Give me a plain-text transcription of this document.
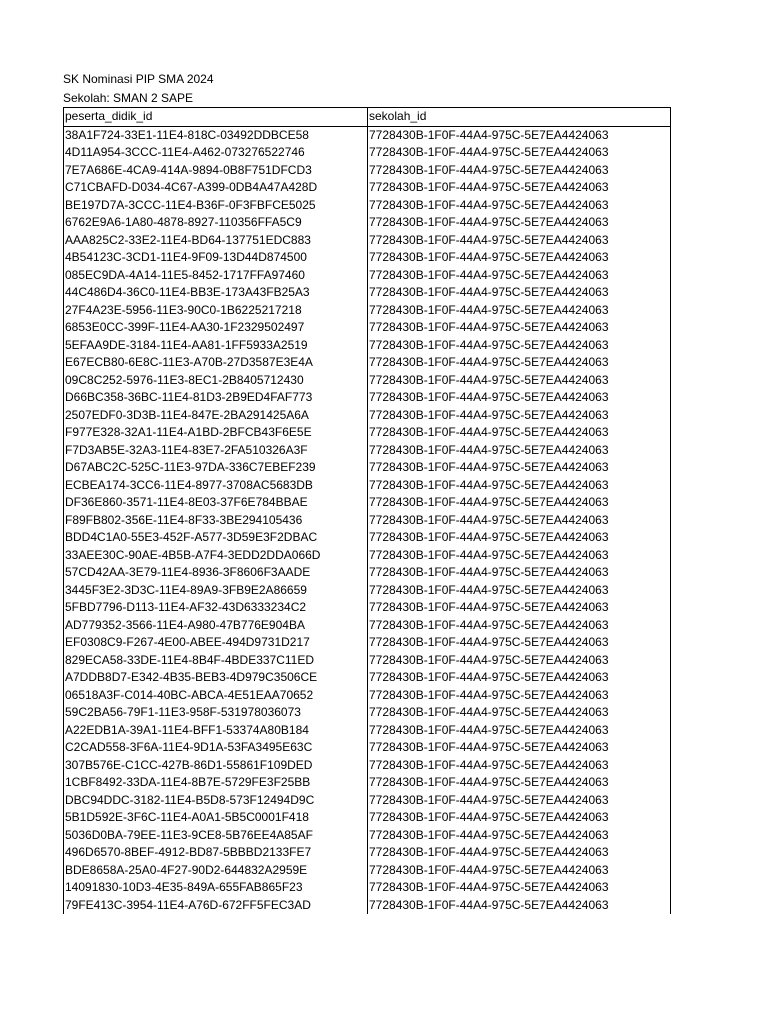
SK Nominasi PIP SMA 2024
Sekolah: SMAN 2 SAPE
peserta_didik_id	sekolah_id
38A1F724-33E1-11E4-818C-03492DDBCE58	7728430B-1F0F-44A4-975C-5E7EA4424063
4D11A954-3CCC-11E4-A462-073276522746	7728430B-1F0F-44A4-975C-5E7EA4424063
7E7A686E-4CA9-414A-9894-0B8F751DFCD3	7728430B-1F0F-44A4-975C-5E7EA4424063
C71CBAFD-D034-4C67-A399-0DB4A47A428D	7728430B-1F0F-44A4-975C-5E7EA4424063
BE197D7A-3CCC-11E4-B36F-0F3FBFCE5025	7728430B-1F0F-44A4-975C-5E7EA4424063
6762E9A6-1A80-4878-8927-110356FFA5C9	7728430B-1F0F-44A4-975C-5E7EA4424063
AAA825C2-33E2-11E4-BD64-137751EDC883	7728430B-1F0F-44A4-975C-5E7EA4424063
4B54123C-3CD1-11E4-9F09-13D44D874500	7728430B-1F0F-44A4-975C-5E7EA4424063
085EC9DA-4A14-11E5-8452-1717FFA97460	7728430B-1F0F-44A4-975C-5E7EA4424063
44C486D4-36C0-11E4-BB3E-173A43FB25A3	7728430B-1F0F-44A4-975C-5E7EA4424063
27F4A23E-5956-11E3-90C0-1B6225217218	7728430B-1F0F-44A4-975C-5E7EA4424063
6853E0CC-399F-11E4-AA30-1F2329502497	7728430B-1F0F-44A4-975C-5E7EA4424063
5EFAA9DE-3184-11E4-AA81-1FF5933A2519	7728430B-1F0F-44A4-975C-5E7EA4424063
E67ECB80-6E8C-11E3-A70B-27D3587E3E4A	7728430B-1F0F-44A4-975C-5E7EA4424063
09C8C252-5976-11E3-8EC1-2B8405712430	7728430B-1F0F-44A4-975C-5E7EA4424063
D66BC358-36BC-11E4-81D3-2B9ED4FAF773	7728430B-1F0F-44A4-975C-5E7EA4424063
2507EDF0-3D3B-11E4-847E-2BA291425A6A	7728430B-1F0F-44A4-975C-5E7EA4424063
F977E328-32A1-11E4-A1BD-2BFCB43F6E5E	7728430B-1F0F-44A4-975C-5E7EA4424063
F7D3AB5E-32A3-11E4-83E7-2FA510326A3F	7728430B-1F0F-44A4-975C-5E7EA4424063
D67ABC2C-525C-11E3-97DA-336C7EBEF239	7728430B-1F0F-44A4-975C-5E7EA4424063
ECBEA174-3CC6-11E4-8977-3708AC5683DB	7728430B-1F0F-44A4-975C-5E7EA4424063
DF36E860-3571-11E4-8E03-37F6E784BBAE	7728430B-1F0F-44A4-975C-5E7EA4424063
F89FB802-356E-11E4-8F33-3BE294105436	7728430B-1F0F-44A4-975C-5E7EA4424063
BDD4C1A0-55E3-452F-A577-3D59E3F2DBAC	7728430B-1F0F-44A4-975C-5E7EA4424063
33AEE30C-90AE-4B5B-A7F4-3EDD2DDA066D	7728430B-1F0F-44A4-975C-5E7EA4424063
57CD42AA-3E79-11E4-8936-3F8606F3AADE	7728430B-1F0F-44A4-975C-5E7EA4424063
3445F3E2-3D3C-11E4-89A9-3FB9E2A86659	7728430B-1F0F-44A4-975C-5E7EA4424063
5FBD7796-D113-11E4-AF32-43D6333234C2	7728430B-1F0F-44A4-975C-5E7EA4424063
AD779352-3566-11E4-A980-47B776E904BA	7728430B-1F0F-44A4-975C-5E7EA4424063
EF0308C9-F267-4E00-ABEE-494D9731D217	7728430B-1F0F-44A4-975C-5E7EA4424063
829ECA58-33DE-11E4-8B4F-4BDE337C11ED	7728430B-1F0F-44A4-975C-5E7EA4424063
A7DDB8D7-E342-4B35-BEB3-4D979C3506CE	7728430B-1F0F-44A4-975C-5E7EA4424063
06518A3F-C014-40BC-ABCA-4E51EAA70652	7728430B-1F0F-44A4-975C-5E7EA4424063
59C2BA56-79F1-11E3-958F-531978036073	7728430B-1F0F-44A4-975C-5E7EA4424063
A22EDB1A-39A1-11E4-BFF1-53374A80B184	7728430B-1F0F-44A4-975C-5E7EA4424063
C2CAD558-3F6A-11E4-9D1A-53FA3495E63C	7728430B-1F0F-44A4-975C-5E7EA4424063
307B576E-C1CC-427B-86D1-55861F109DED	7728430B-1F0F-44A4-975C-5E7EA4424063
1CBF8492-33DA-11E4-8B7E-5729FE3F25BB	7728430B-1F0F-44A4-975C-5E7EA4424063
DBC94DDC-3182-11E4-B5D8-573F12494D9C	7728430B-1F0F-44A4-975C-5E7EA4424063
5B1D592E-3F6C-11E4-A0A1-5B5C0001F418	7728430B-1F0F-44A4-975C-5E7EA4424063
5036D0BA-79EE-11E3-9CE8-5B76EE4A85AF	7728430B-1F0F-44A4-975C-5E7EA4424063
496D6570-8BEF-4912-BD87-5BBBD2133FE7	7728430B-1F0F-44A4-975C-5E7EA4424063
BDE8658A-25A0-4F27-90D2-644832A2959E	7728430B-1F0F-44A4-975C-5E7EA4424063
14091830-10D3-4E35-849A-655FAB865F23	7728430B-1F0F-44A4-975C-5E7EA4424063
79FE413C-3954-11E4-A76D-672FF5FEC3AD	7728430B-1F0F-44A4-975C-5E7EA4424063
